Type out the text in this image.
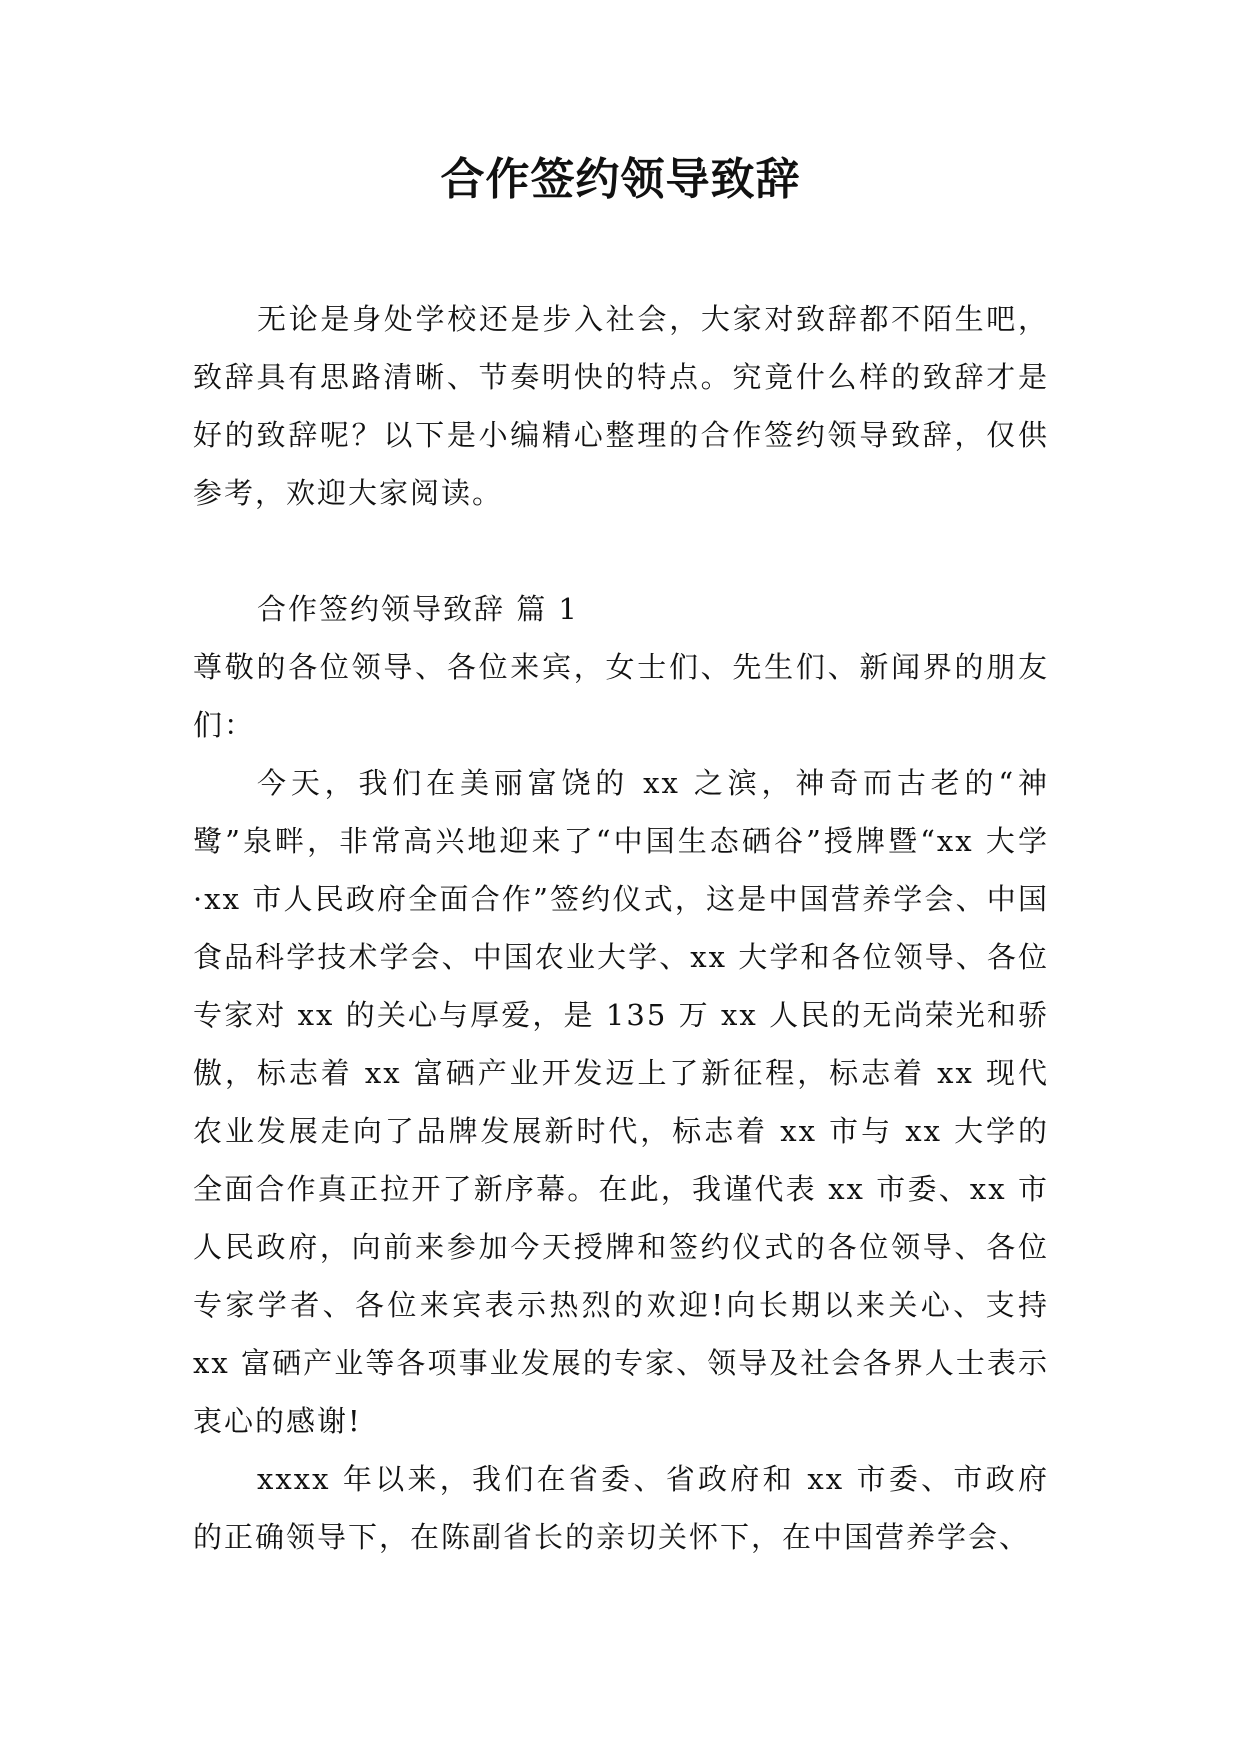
合作签约领导致辞
无论是身处学校还是步入社会，大家对致辞都不陌生吧，致辞具有思路清晰、节奏明快的特点。究竟什么样的致辞才是好的致辞呢？以下是小编精心整理的合作签约领导致辞，仅供参考，欢迎大家阅读。
合作签约领导致辞 篇 1

尊敬的各位领导、各位来宾，女士们、先生们、新闻界的朋友们：

今天，我们在美丽富饶的 xx 之滨，神奇而古老的“神鹭”泉畔，非常高兴地迎来了“中国生态硒谷”授牌暨“xx 大学·xx 市人民政府全面合作”签约仪式，这是中国营养学会、中国食品科学技术学会、中国农业大学、xx 大学和各位领导、各位专家对 xx 的关心与厚爱，是 135 万 xx 人民的无尚荣光和骄傲，标志着 xx 富硒产业开发迈上了新征程，标志着 xx 现代农业发展走向了品牌发展新时代，标志着 xx 市与 xx 大学的全面合作真正拉开了新序幕。在此，我谨代表 xx 市委、xx 市人民政府，向前来参加今天授牌和签约仪式的各位领导、各位专家学者、各位来宾表示热烈的欢迎!向长期以来关心、支持 xx 富硒产业等各项事业发展的专家、领导及社会各界人士表示衷心的感谢!

xxxx 年以来，我们在省委、省政府和 xx 市委、市政府的正确领导下，在陈副省长的亲切关怀下，在中国营养学会、
